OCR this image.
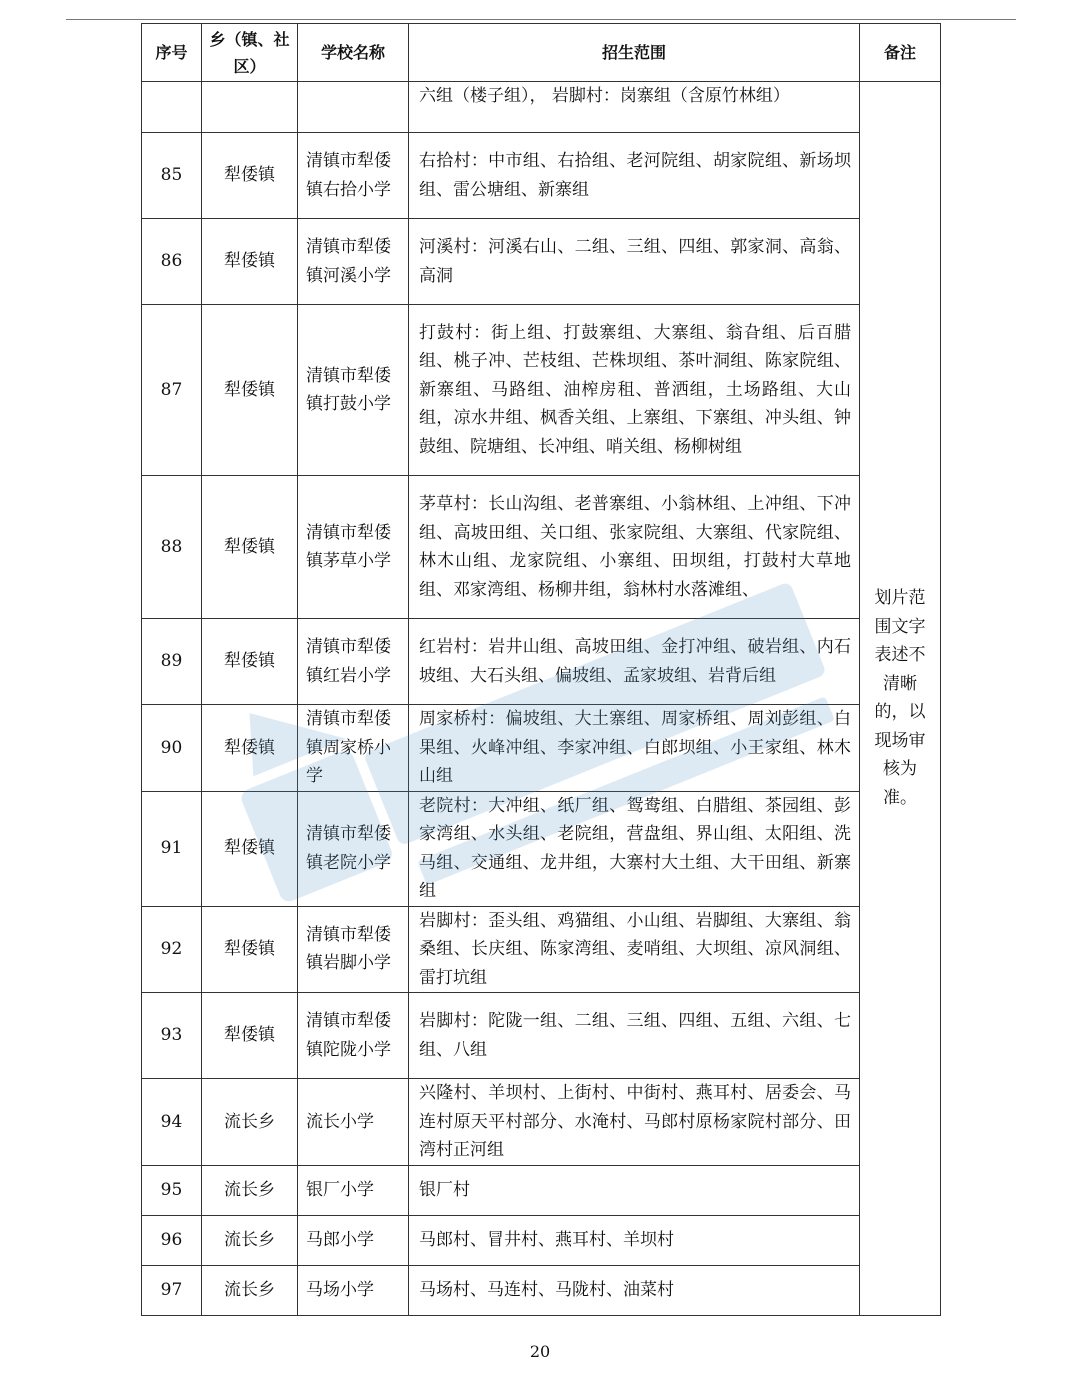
序号	乡（镇、社区）	学校名称	招生范围	备注
			六组（楼子组）， 岩脚村：岗寨组（含原竹林组）	划片范围文字表述不清晰的，以现场审核为准。

85	犁倭镇	清镇市犁倭镇右拾小学	右拾村：中市组、右拾组、老河院组、胡家院组、新场坝组、雷公塘组、新寨组	
86	犁倭镇	清镇市犁倭镇河溪小学	河溪村：河溪右山、二组、三组、四组、郭家洞、高翁、高洞	
87	犁倭镇	清镇市犁倭镇打鼓小学	打鼓村：街上组、打鼓寨组、大寨组、翁旮组、后百腊组、桃子冲、芒枝组、芒株坝组、茶叶洞组、陈家院组、新寨组、马路组、油榨房租、普洒组，土场路组、大山组，凉水井组、枫香关组、上寨组、下寨组、冲头组、钟鼓组、院塘组、长冲组、哨关组、杨柳树组	
88	犁倭镇	清镇市犁倭镇茅草小学	茅草村：长山沟组、老普寨组、小翁林组、上冲组、下冲组、高坡田组、关口组、张家院组、大寨组、代家院组、林木山组、龙家院组、小寨组、田坝组，打鼓村大草地组、邓家湾组、杨柳井组，翁林村水落滩组、	
89	犁倭镇	清镇市犁倭镇红岩小学	红岩村：岩井山组、高坡田组、金打冲组、破岩组、内石坡组、大石头组、偏坡组、孟家坡组、岩背后组	
90	犁倭镇	清镇市犁倭镇周家桥小学	周家桥村：偏坡组、大土寨组、周家桥组、周刘彭组、白果组、火峰冲组、李家冲组、白郎坝组、小王家组、林木山组	
91	犁倭镇	清镇市犁倭镇老院小学	老院村：大冲组、纸厂组、鸳鸯组、白腊组、茶园组、彭家湾组、水头组、老院组，营盘组、界山组、太阳组、洗马组、交通组、龙井组，大寨村大土组、大干田组、新寨组	
92	犁倭镇	清镇市犁倭镇岩脚小学	岩脚村：歪头组、鸡猫组、小山组、岩脚组、大寨组、翁桑组、长庆组、陈家湾组、麦哨组、大坝组、凉风洞组、雷打坑组	
93	犁倭镇	清镇市犁倭镇陀陇小学	岩脚村：陀陇一组、二组、三组、四组、五组、六组、七组、八组	
94	流长乡	流长小学	兴隆村、羊坝村、上街村、中街村、燕耳村、居委会、马连村原天平村部分、水淹村、马郎村原杨家院村部分、田湾村正河组	
95	流长乡	银厂小学	银厂村	
96	流长乡	马郎小学	马郎村、冒井村、燕耳村、羊坝村	
97	流长乡	马场小学	马场村、马连村、马陇村、油菜村	
20
